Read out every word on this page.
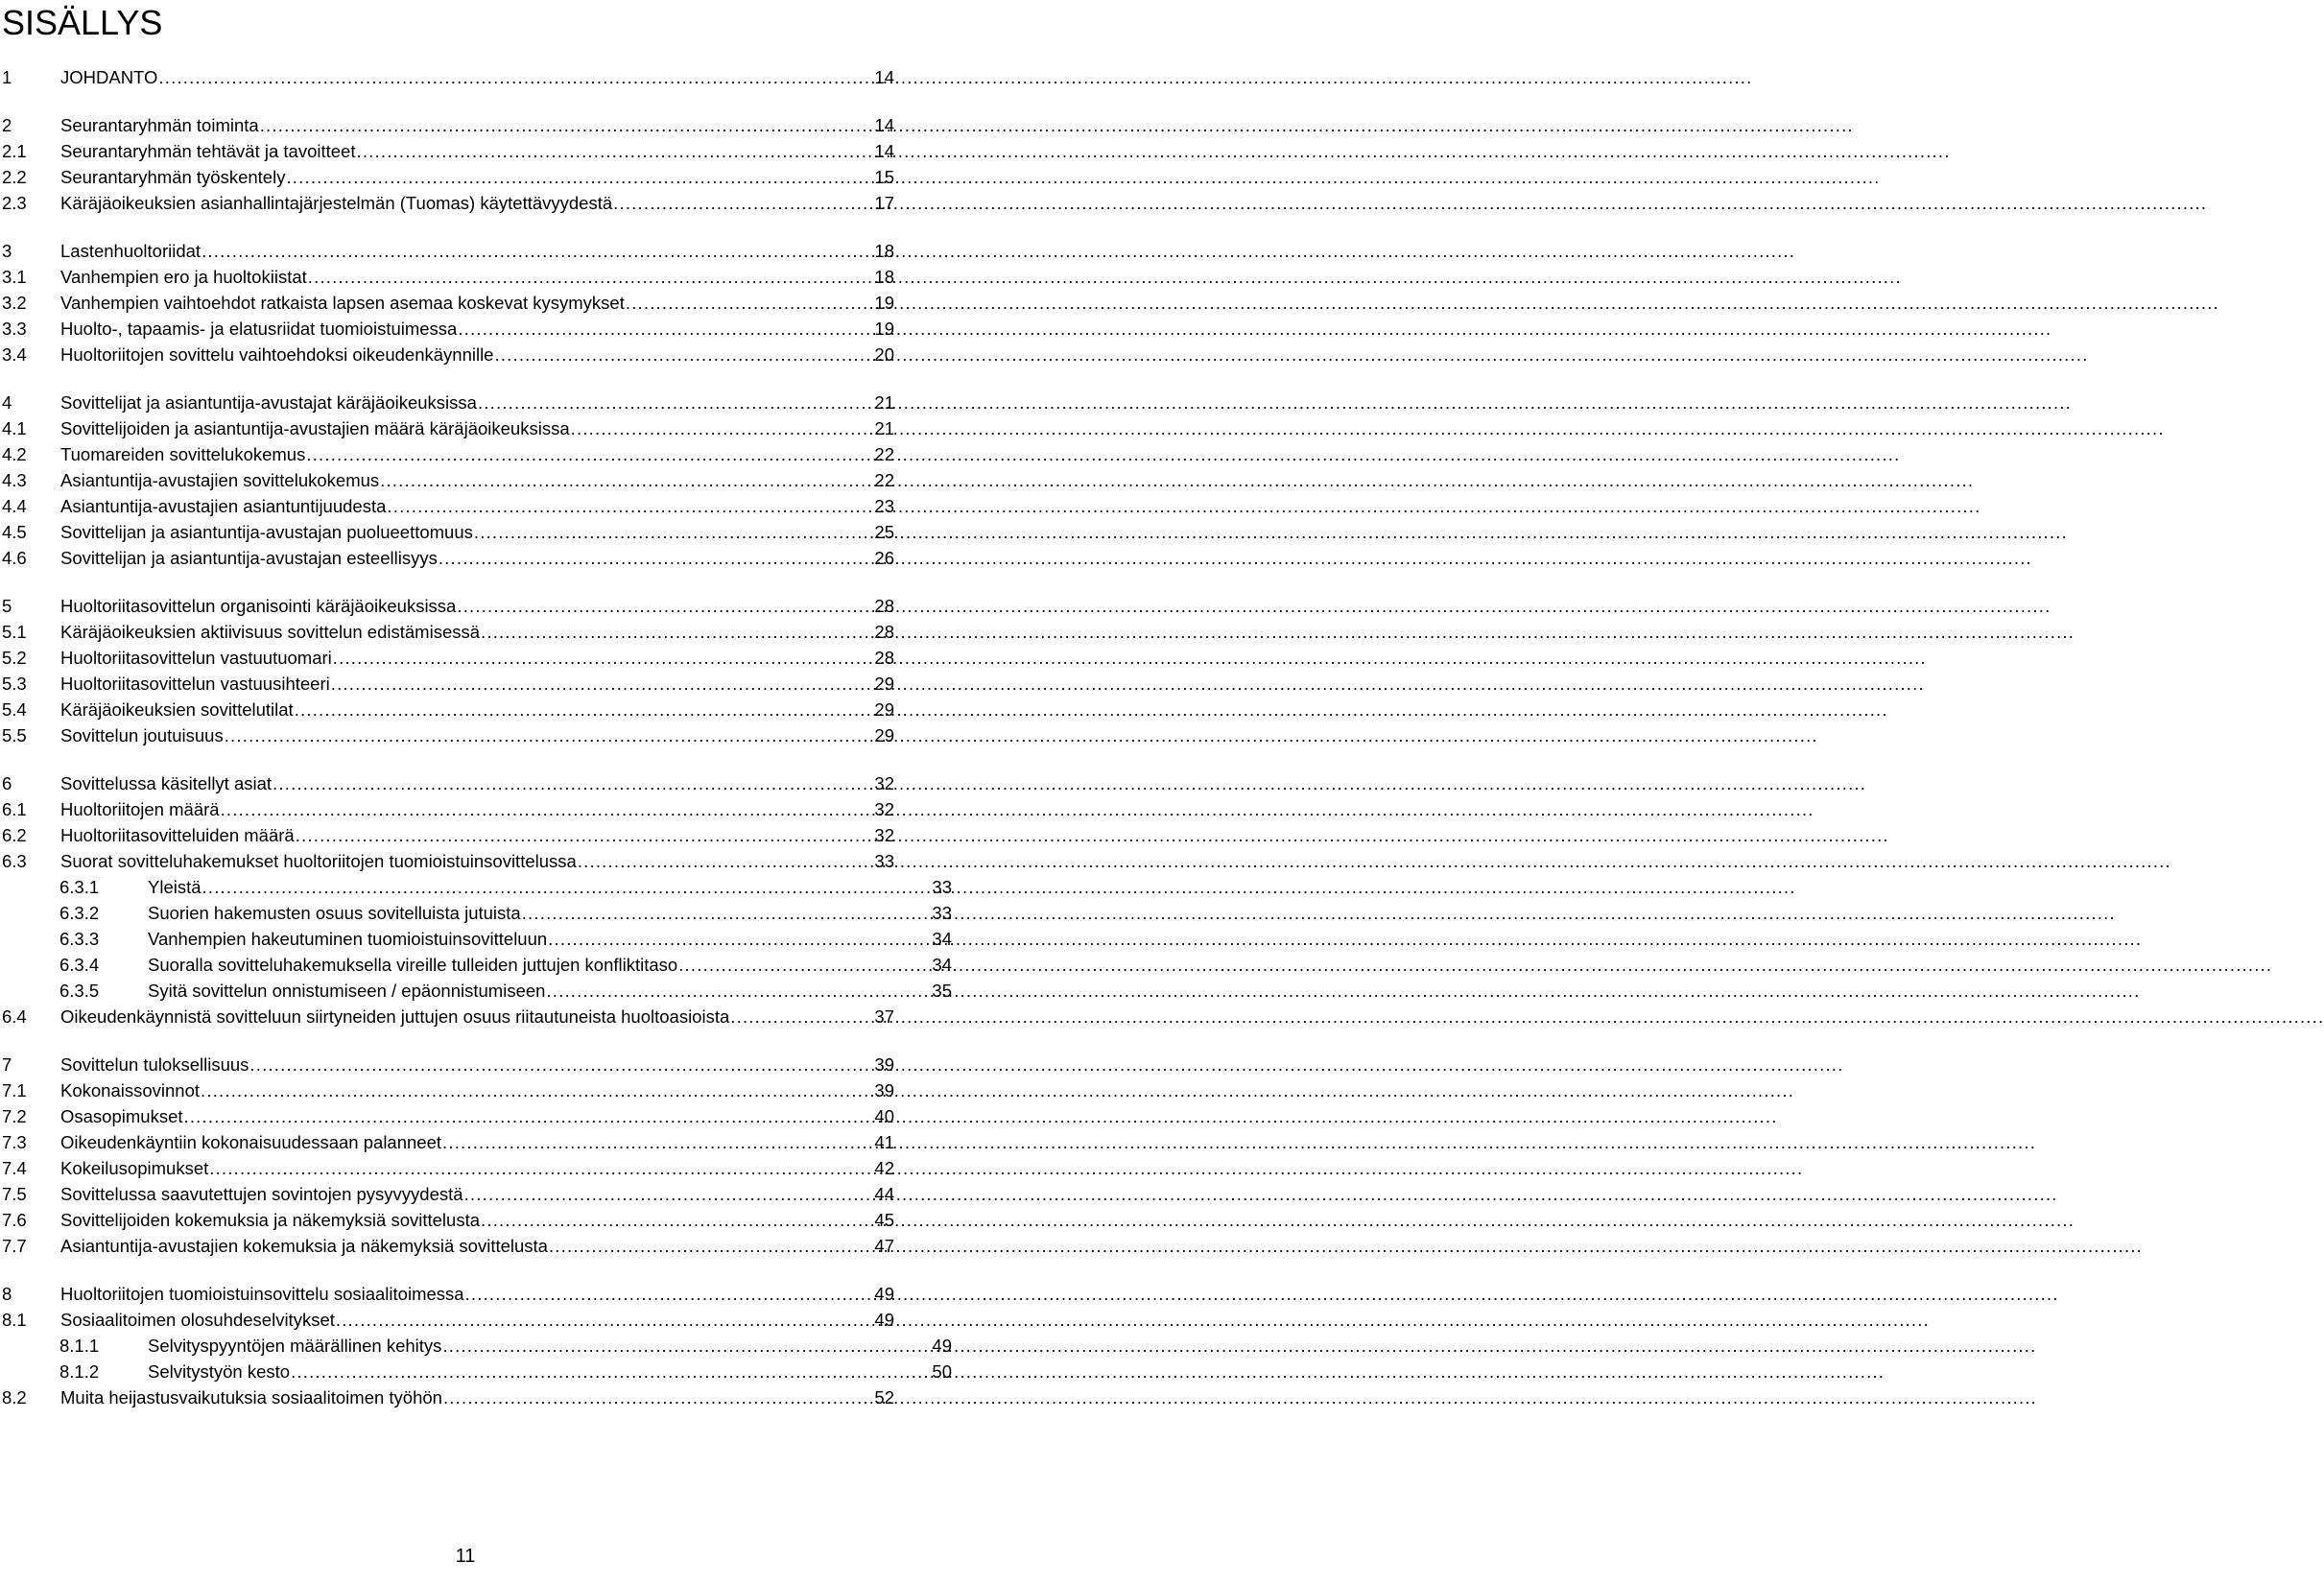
SISÄLLYS
1	JOHDANTO .....	14
2	Seurantaryhmän toiminta .....	14
2.1	Seurantaryhmän tehtävät ja tavoitteet .....	14
2.2	Seurantaryhmän työskentely .....	15
2.3	Käräjäoikeuksien asianhallintajärjestelmän (Tuomas) käytettävyydestä .....	17
3	Lastenhuoltoriidat .....	18
3.1	Vanhempien ero ja huoltokiistat .....	18
3.2	Vanhempien vaihtoehdot ratkaista lapsen asemaa koskevat kysymykset .....	19
3.3	Huolto-, tapaamis- ja elatusriidat tuomioistuimessa .....	19
3.4	Huoltoriitojen sovittelu vaihtoehdoksi oikeudenkäynnille .....	20
4	Sovittelijat ja asiantuntija-avustajat käräjäoikeuksissa .....	21
4.1	Sovittelijoiden ja asiantuntija-avustajien määrä käräjäoikeuksissa .....	21
4.2	Tuomareiden sovittelukokemus .....	22
4.3	Asiantuntija-avustajien sovittelukokemus .....	22
4.4	Asiantuntija-avustajien asiantuntijuudesta .....	23
4.5	Sovittelijan ja asiantuntija-avustajan puolueettomuus .....	25
4.6	Sovittelijan ja asiantuntija-avustajan esteellisyys .....	26
5	Huoltoriitasovittelun organisointi käräjäoikeuksissa .....	28
5.1	Käräjäoikeuksien aktiivisuus sovittelun edistämisessä .....	28
5.2	Huoltoriitasovittelun vastuutuomari .....	28
5.3	Huoltoriitasovittelun vastuusihteeri .....	29
5.4	Käräjäoikeuksien sovittelutilat .....	29
5.5	Sovittelun joutuisuus .....	29
6	Sovittelussa käsitellyt asiat .....	32
6.1	Huoltoriitojen määrä .....	32
6.2	Huoltoriitasovitteluiden määrä .....	32
6.3	Suorat sovitteluhakemukset huoltoriitojen tuomioistuinsovittelussa .....	33
6.3.1	Yleistä .....	33
6.3.2	Suorien hakemusten osuus sovitelluista jutuista .....	33
6.3.3	Vanhempien hakeutuminen tuomioistuinsovitteluun .....	34
6.3.4	Suoralla sovitteluhakemuksella vireille tulleiden juttujen konfliktitaso .....	34
6.3.5	Syitä sovittelun onnistumiseen / epäonnistumiseen .....	35
6.4	Oikeudenkäynnistä sovitteluun siirtyneiden juttujen osuus riitautuneista huoltoasioista .....	37
7	Sovittelun tuloksellisuus .....	39
7.1	Kokonaissovinnot .....	39
7.2	Osasopimukset .....	40
7.3	Oikeudenkäyntiin kokonaisuudessaan palanneet .....	41
7.4	Kokeilusopimukset .....	42
7.5	Sovittelussa saavutettujen sovintojen pysyvyydestä .....	44
7.6	Sovittelijoiden kokemuksia ja näkemyksiä sovittelusta .....	45
7.7	Asiantuntija-avustajien kokemuksia ja näkemyksiä sovittelusta .....	47
8	Huoltoriitojen tuomioistuinsovittelu sosiaalitoimessa .....	49
8.1	Sosiaalitoimen olosuhdeselvitykset .....	49
8.1.1	Selvityspyyntöjen määrällinen kehitys .....	49
8.1.2	Selvitystyön kesto .....	50
8.2	Muita heijastusvaikutuksia sosiaalitoimen työhön .....	52
11
